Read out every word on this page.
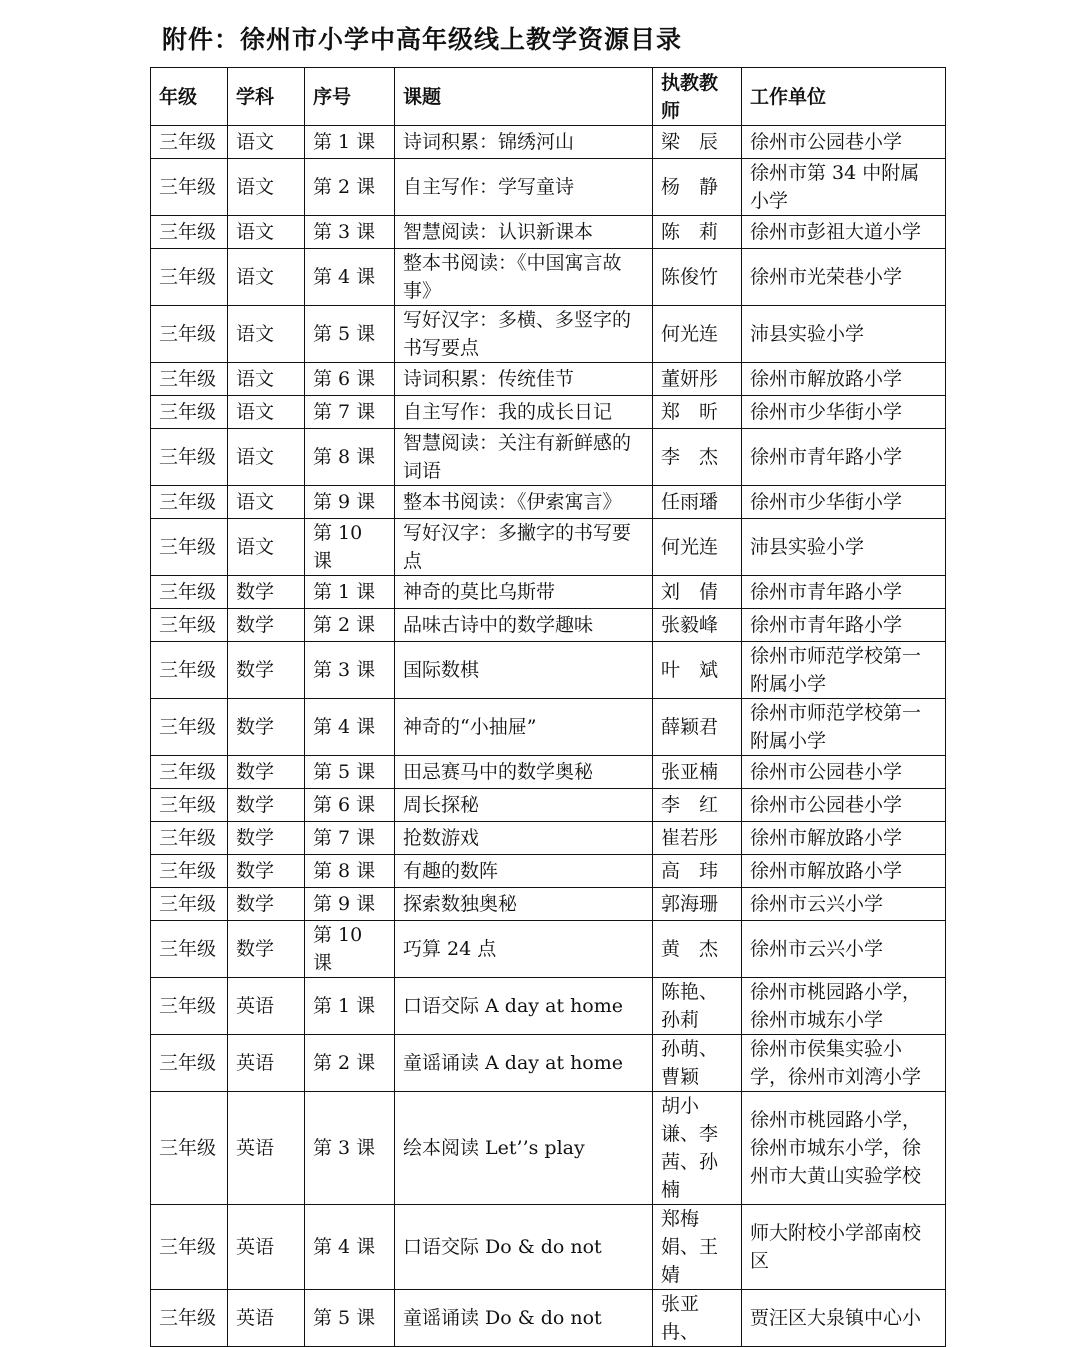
附件：徐州市小学中高年级线上教学资源目录
年级	学科	序号	课题	执教教师	工作单位
三年级	语文	第 1 课	诗词积累：锦绣河山	梁　辰	徐州市公园巷小学
三年级	语文	第 2 课	自主写作：学写童诗	杨　静	徐州市第 34 中附属小学
三年级	语文	第 3 课	智慧阅读：认识新课本	陈　莉	徐州市彭祖大道小学
三年级	语文	第 4 课	整本书阅读：《中国寓言故事》	陈俊竹	徐州市光荣巷小学
三年级	语文	第 5 课	写好汉字：多横、多竖字的书写要点	何光连	沛县实验小学
三年级	语文	第 6 课	诗词积累：传统佳节	董妍彤	徐州市解放路小学
三年级	语文	第 7 课	自主写作：我的成长日记	郑　昕	徐州市少华街小学
三年级	语文	第 8 课	智慧阅读：关注有新鲜感的词语	李　杰	徐州市青年路小学
三年级	语文	第 9 课	整本书阅读：《伊索寓言》	任雨璠	徐州市少华街小学
三年级	语文	第 10 课	写好汉字：多撇字的书写要点	何光连	沛县实验小学
三年级	数学	第 1 课	神奇的莫比乌斯带	刘　倩	徐州市青年路小学
三年级	数学	第 2 课	品味古诗中的数学趣味	张毅峰	徐州市青年路小学
三年级	数学	第 3 课	国际数棋	叶　斌	徐州市师范学校第一附属小学
三年级	数学	第 4 课	神奇的“小抽屉”	薛颖君	徐州市师范学校第一附属小学
三年级	数学	第 5 课	田忌赛马中的数学奥秘	张亚楠	徐州市公园巷小学
三年级	数学	第 6 课	周长探秘	李　红	徐州市公园巷小学
三年级	数学	第 7 课	抢数游戏	崔若彤	徐州市解放路小学
三年级	数学	第 8 课	有趣的数阵	高　玮	徐州市解放路小学
三年级	数学	第 9 课	探索数独奥秘	郭海珊	徐州市云兴小学
三年级	数学	第 10 课	巧算 24 点	黄　杰	徐州市云兴小学
三年级	英语	第 1 课	口语交际 A day at home	陈艳、孙莉	徐州市桃园路小学，徐州市城东小学
三年级	英语	第 2 课	童谣诵读 A day at home	孙萌、曹颖	徐州市侯集实验小学，徐州市刘湾小学
三年级	英语	第 3 课	绘本阅读 Let’’s play	胡小谦、李茜、孙楠	徐州市桃园路小学，徐州市城东小学，徐州市大黄山实验学校
三年级	英语	第 4 课	口语交际 Do & do not	郑梅娟、王婧	师大附校小学部南校区
三年级	英语	第 5 课	童谣诵读 Do & do not	张亚冉、	贾汪区大泉镇中心小
